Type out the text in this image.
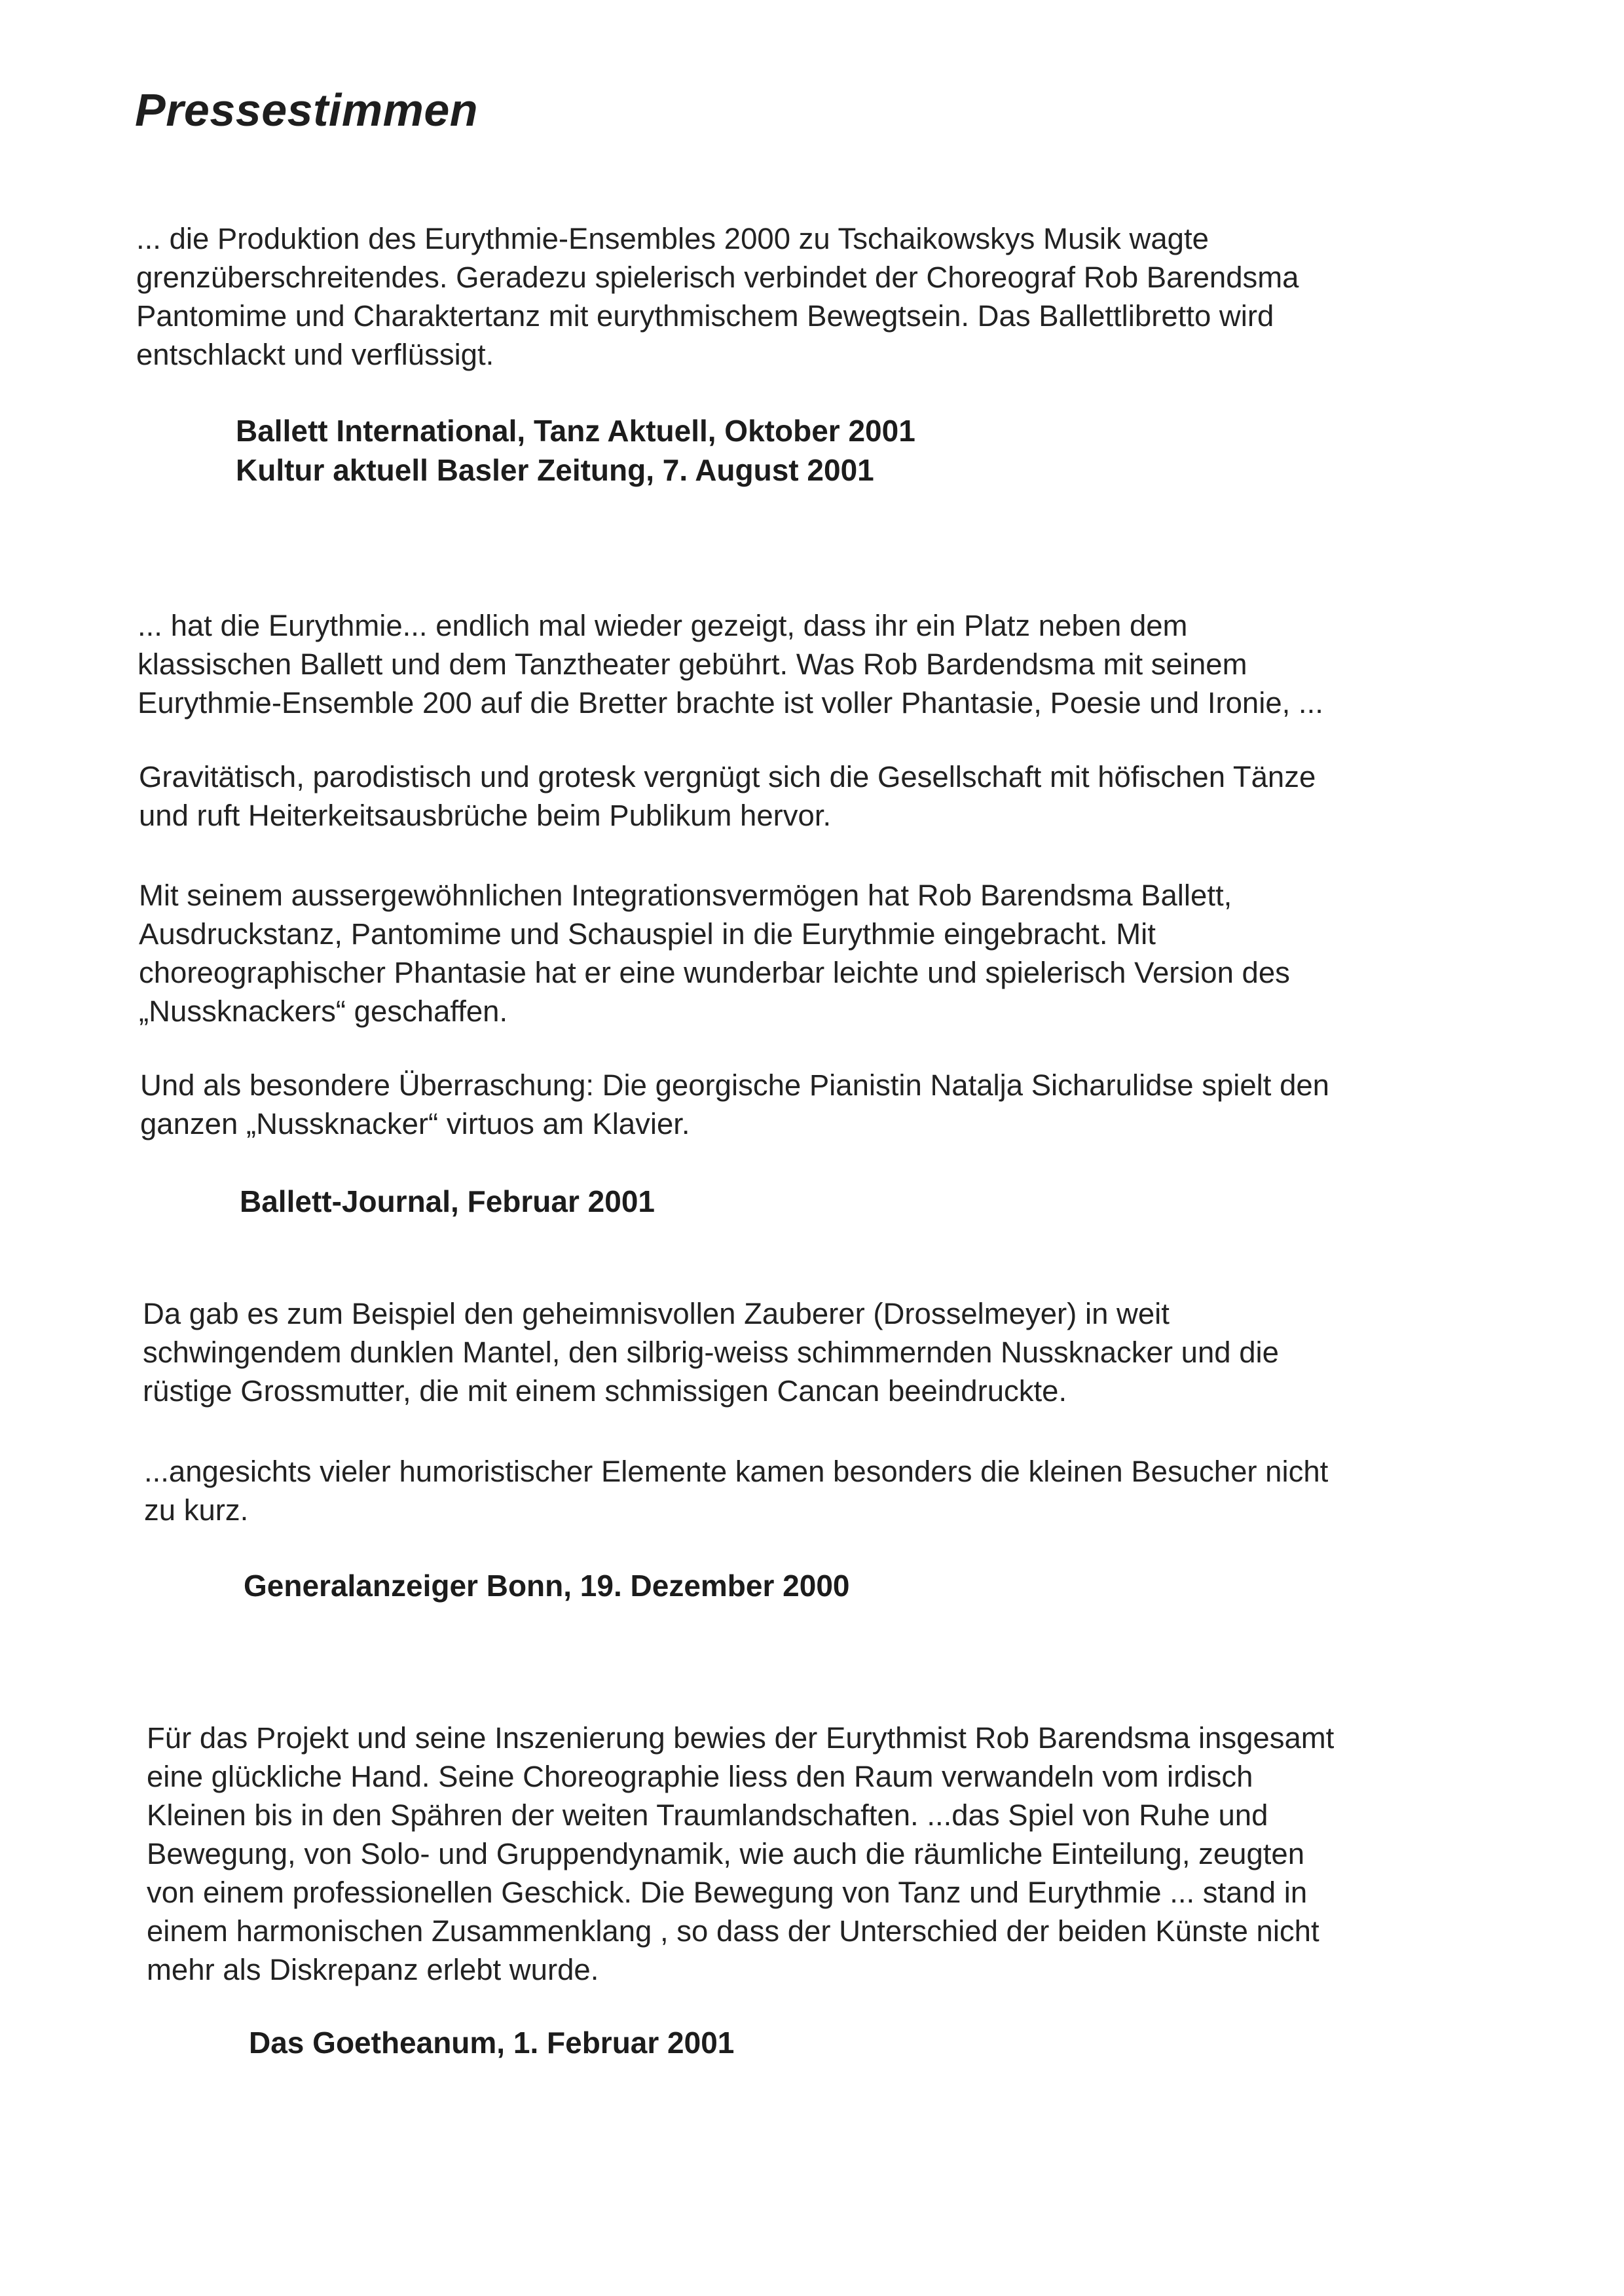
Pressestimmen

... die Produktion des Eurythmie-Ensembles 2000 zu Tschaikowskys Musik wagte
grenzüberschreitendes. Geradezu spielerisch verbindet der Choreograf Rob Barendsma
Pantomime und Charaktertanz mit eurythmischem Bewegtsein. Das Ballettlibretto wird
entschlackt und verflüssigt.

Ballett International, Tanz Aktuell, Oktober 2001

Kultur aktuell Basler Zeitung, 7. August 2001

... hat die Eurythmie... endlich mal wieder gezeigt, dass ihr ein Platz neben dem
klassischen Ballett und dem Tanztheater gebührt. Was Rob Bardendsma mit seinem
Eurythmie-Ensemble 200 auf die Bretter brachte ist voller Phantasie, Poesie und Ironie, ...

Gravitätisch, parodistisch und grotesk vergnügt sich die Gesellschaft mit höfischen Tänze
und ruft Heiterkeitsausbrüche beim Publikum hervor.

Mit seinem aussergewöhnlichen Integrationsvermögen hat Rob Barendsma Ballett,
Ausdruckstanz, Pantomime und Schauspiel in die Eurythmie eingebracht. Mit
choreographischer Phantasie hat er eine wunderbar leichte und spielerisch Version des
„Nussknackers“ geschaffen.

Und als besondere Überraschung: Die georgische Pianistin Natalja Sicharulidse spielt den
ganzen „Nussknacker“ virtuos am Klavier.

Ballett-Journal, Februar 2001

Da gab es zum Beispiel den geheimnisvollen Zauberer (Drosselmeyer) in weit
schwingendem dunklen Mantel, den silbrig-weiss schimmernden Nussknacker und die
rüstige Grossmutter, die mit einem schmissigen Cancan beeindruckte.

...angesichts vieler humoristischer Elemente kamen besonders die kleinen Besucher nicht
zu kurz.

Generalanzeiger Bonn, 19. Dezember 2000

Für das Projekt und seine Inszenierung bewies der Eurythmist Rob Barendsma insgesamt
eine glückliche Hand. Seine Choreographie liess den Raum verwandeln vom irdisch
Kleinen bis in den Spähren der weiten Traumlandschaften. ...das Spiel von Ruhe und
Bewegung, von Solo- und Gruppendynamik, wie auch die räumliche Einteilung, zeugten
von einem professionellen Geschick. Die Bewegung von Tanz und Eurythmie ... stand in
einem harmonischen Zusammenklang , so dass der Unterschied der beiden Künste nicht
mehr als Diskrepanz erlebt wurde.

Das Goetheanum, 1. Februar 2001
